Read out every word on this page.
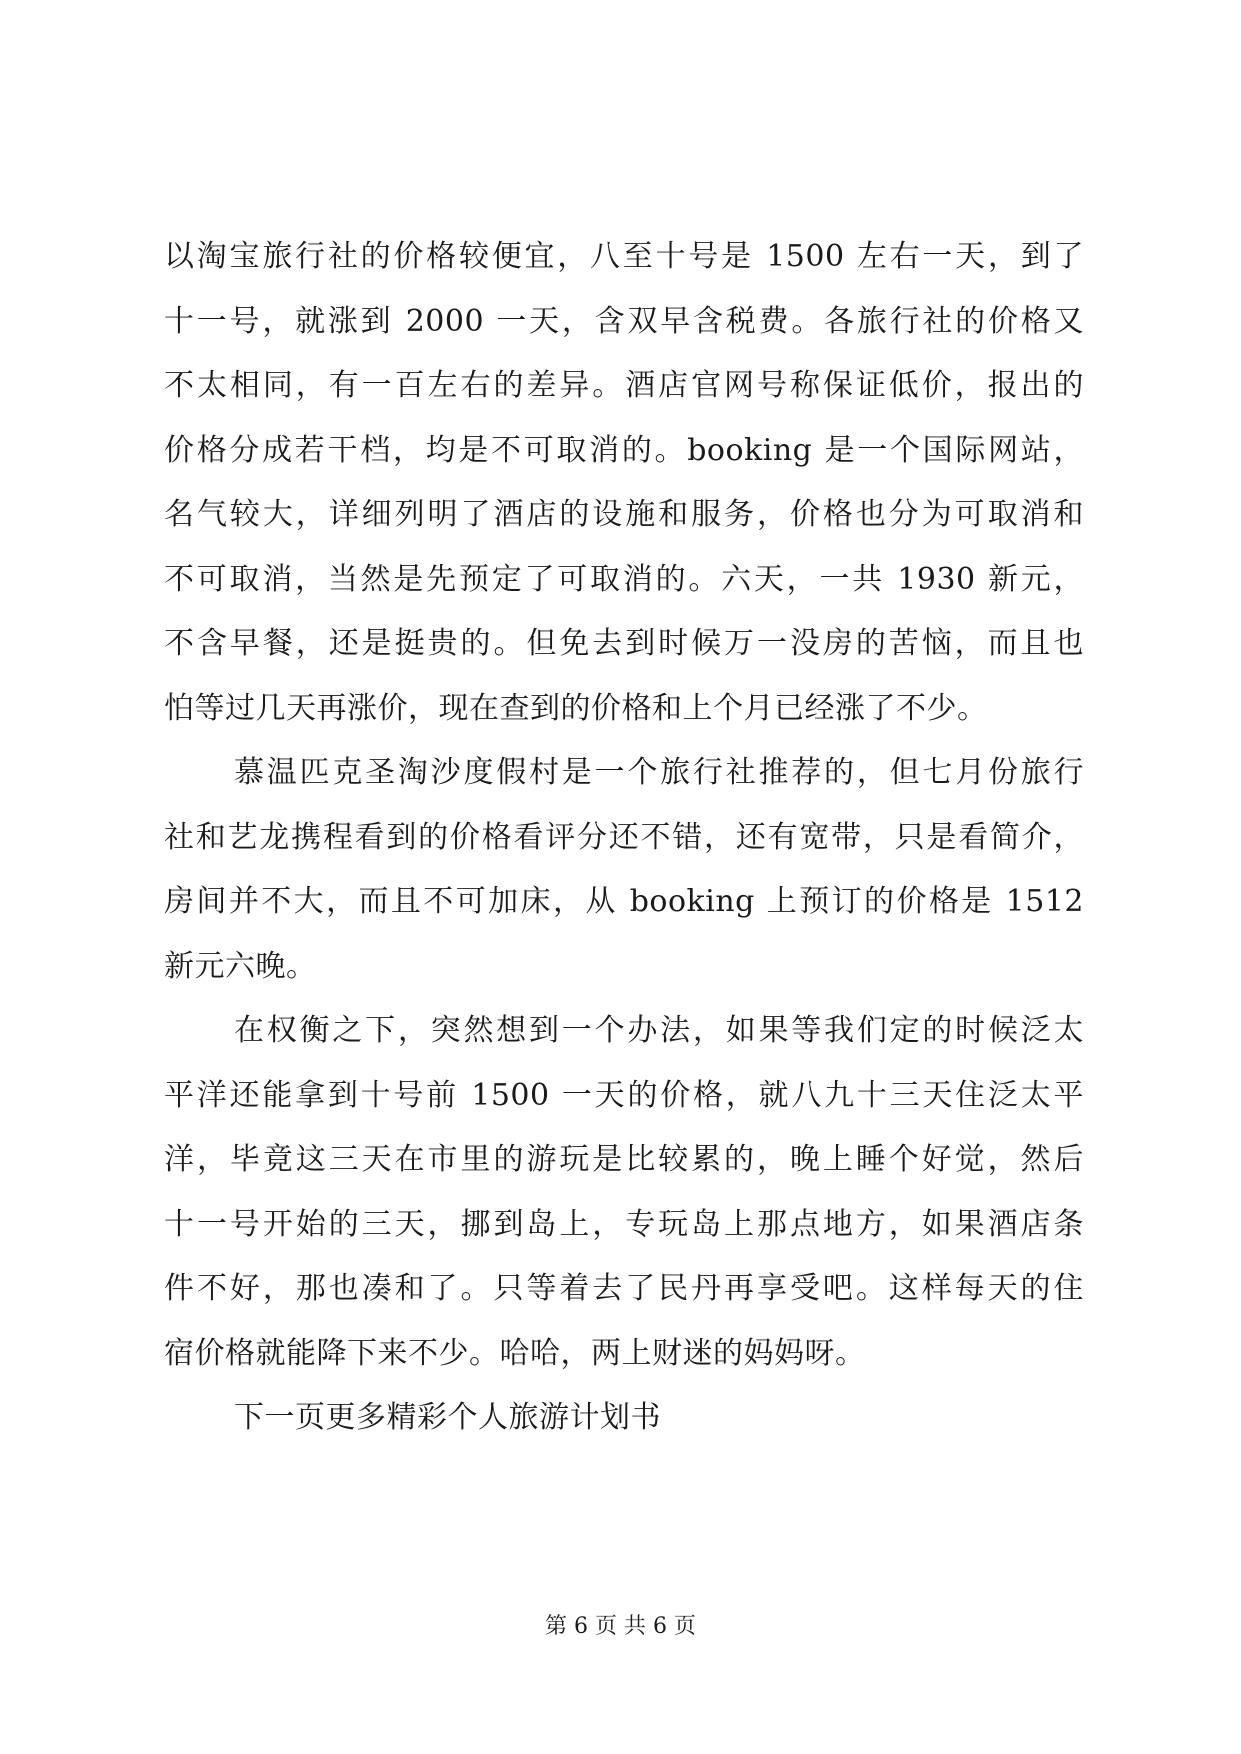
以淘宝旅行社的价格较便宜，八至十号是 1500 左右一天，到了
十一号，就涨到 2000 一天，含双早含税费。各旅行社的价格又
不太相同，有一百左右的差异。酒店官网号称保证低价，报出的
价格分成若干档，均是不可取消的。booking 是一个国际网站，
名气较大，详细列明了酒店的设施和服务，价格也分为可取消和
不可取消，当然是先预定了可取消的。六天，一共 1930 新元，
不含早餐，还是挺贵的。但免去到时候万一没房的苦恼，而且也
怕等过几天再涨价，现在查到的价格和上个月已经涨了不少。
慕温匹克圣淘沙度假村是一个旅行社推荐的，但七月份旅行
社和艺龙携程看到的价格看评分还不错，还有宽带，只是看简介，
房间并不大，而且不可加床，从 booking 上预订的价格是 1512
新元六晚。
在权衡之下，突然想到一个办法，如果等我们定的时候泛太
平洋还能拿到十号前 1500 一天的价格，就八九十三天住泛太平
洋，毕竟这三天在市里的游玩是比较累的，晚上睡个好觉，然后
十一号开始的三天，挪到岛上，专玩岛上那点地方，如果酒店条
件不好，那也凑和了。只等着去了民丹再享受吧。这样每天的住
宿价格就能降下来不少。哈哈，两上财迷的妈妈呀。
下一页更多精彩个人旅游计划书
第 6 页 共 6 页
